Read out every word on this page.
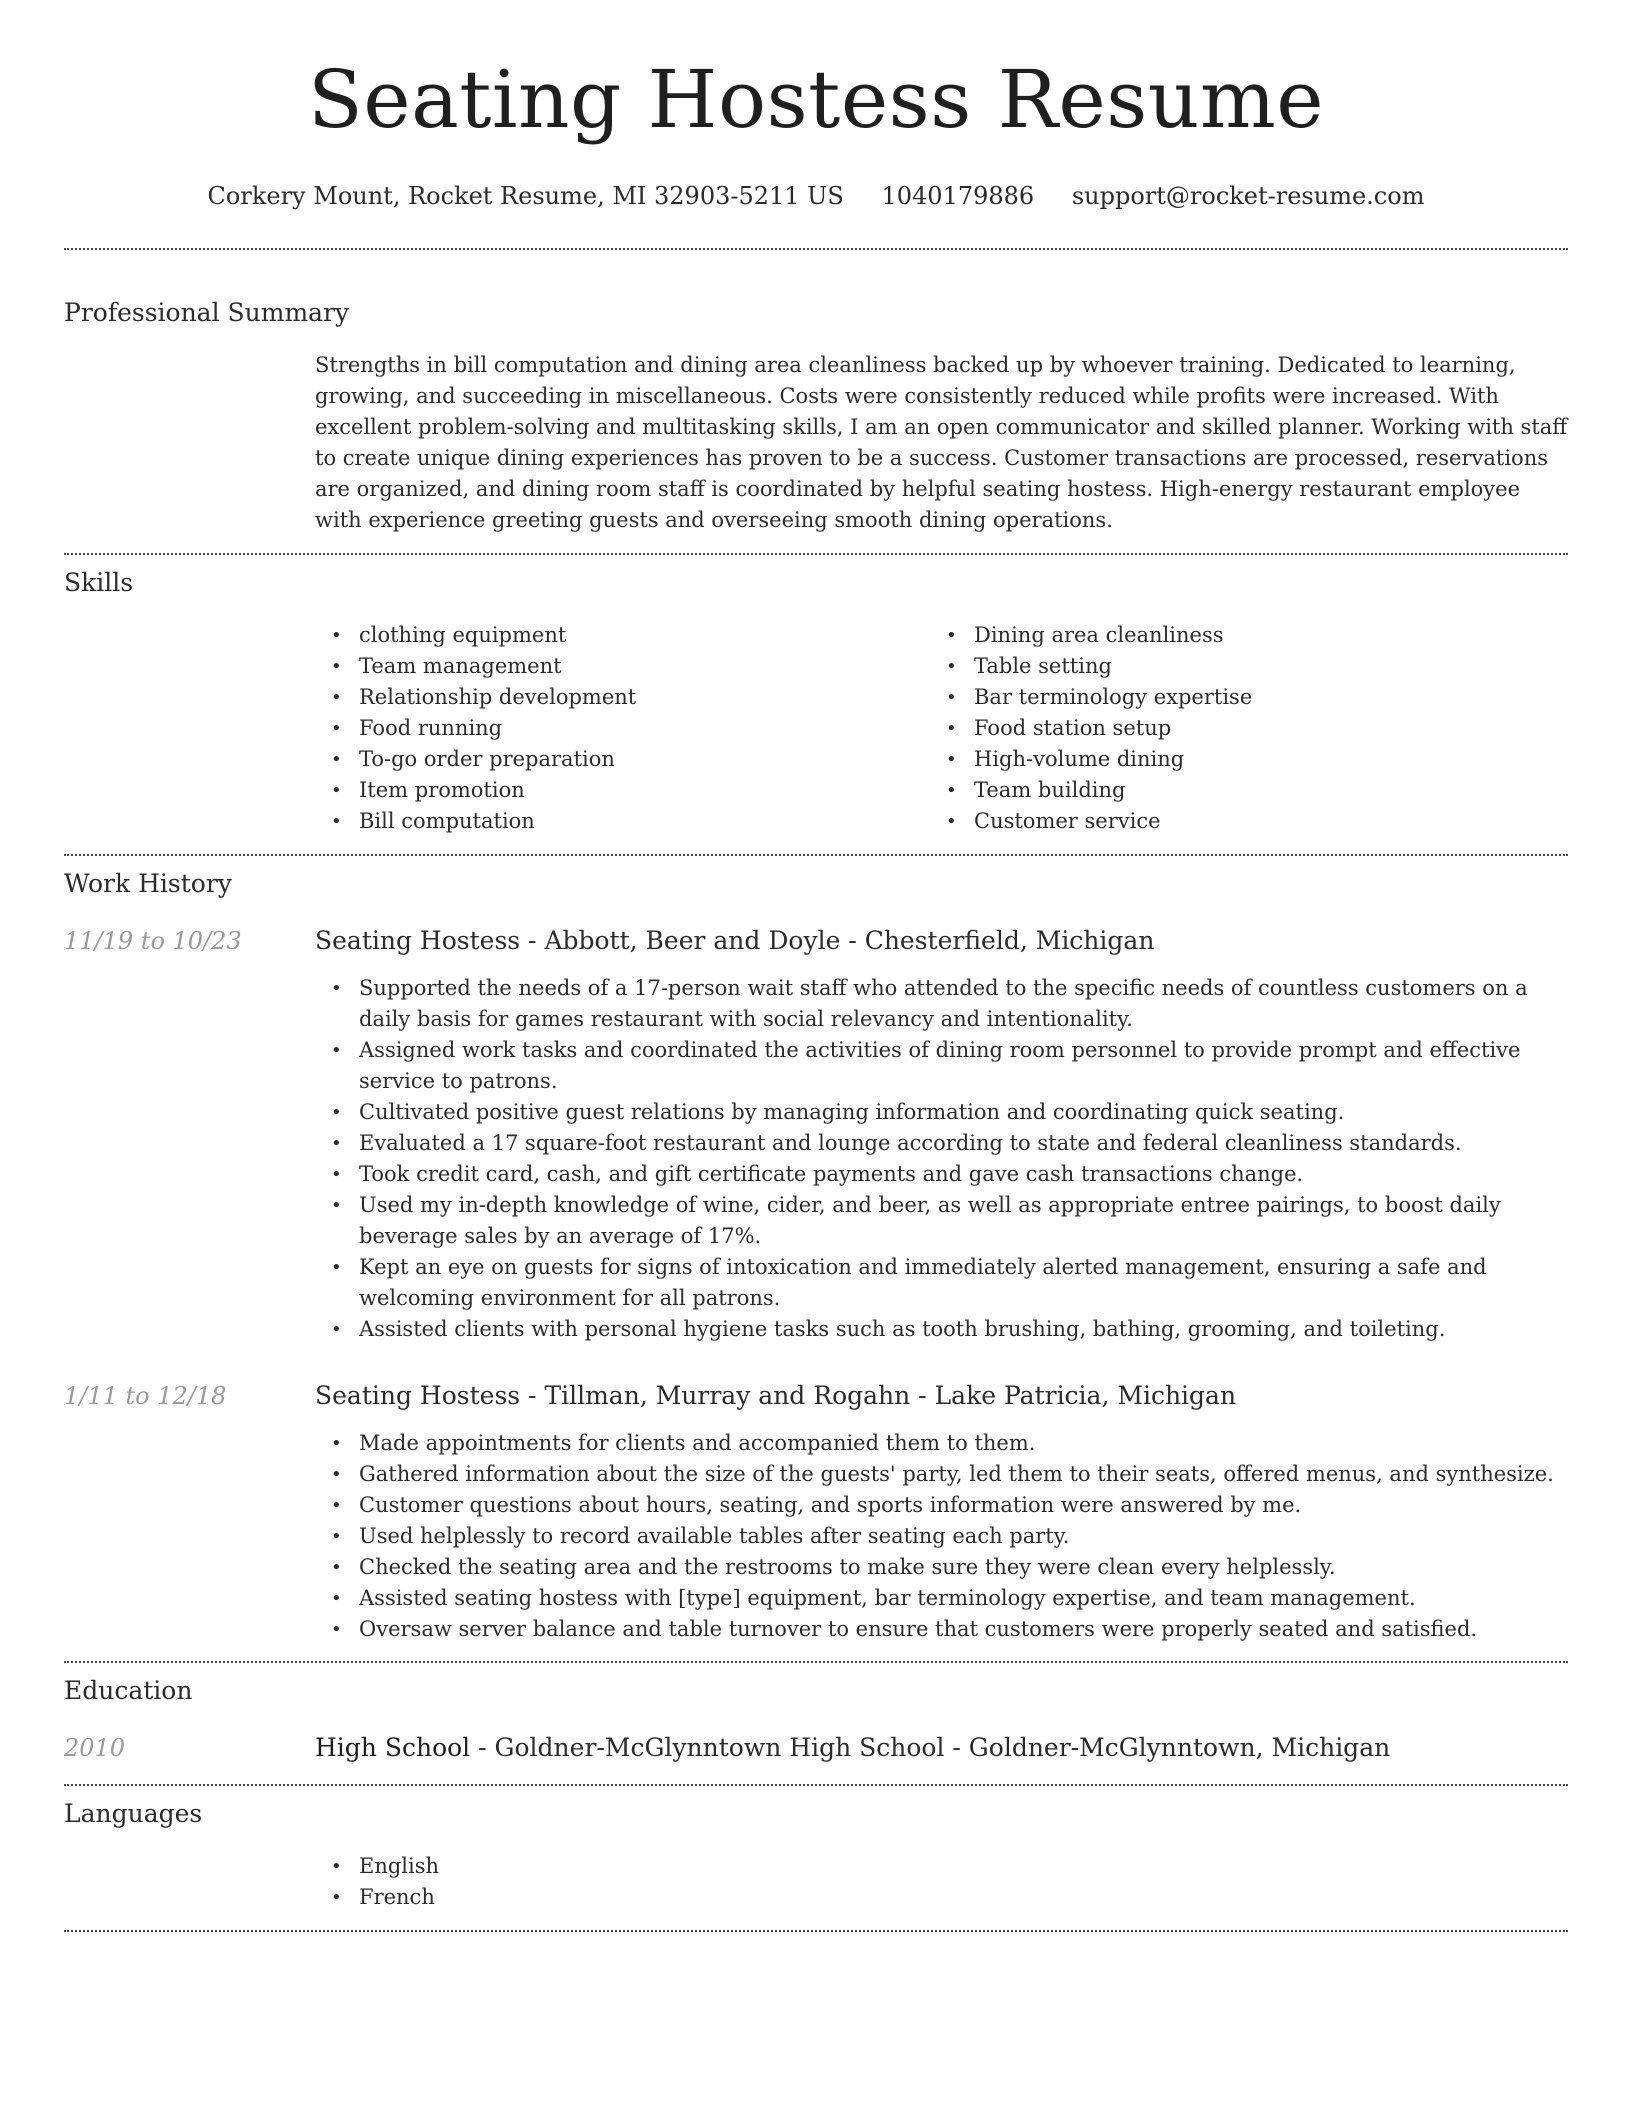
Seating Hostess Resume
Corkery Mount, Rocket Resume, MI 32903-5211 US 1040179886 support@rocket-resume.com
Professional Summary

Strengths in bill computation and dining area cleanliness backed up by whoever training. Dedicated to learning, growing, and succeeding in miscellaneous. Costs were consistently reduced while profits were increased. With excellent problem-solving and multitasking skills, I am an open communicator and skilled planner. Working with staff to create unique dining experiences has proven to be a success. Customer transactions are processed, reservations are organized, and dining room staff is coordinated by helpful seating hostess. High-energy restaurant employee with experience greeting guests and overseeing smooth dining operations.

Skills
• clothing equipment
• Team management
• Relationship development
• Food running
• To-go order preparation
• Item promotion
• Bill computation
• Dining area cleanliness
• Table setting
• Bar terminology expertise
• Food station setup
• High-volume dining
• Team building
• Customer service
Work History
11/19 to 10/23	Seating Hostess - Abbott, Beer and Doyle - Chesterfield, Michigan
• Supported the needs of a 17-person wait staff who attended to the specific needs of countless customers on a daily basis for games restaurant with social relevancy and intentionality.
• Assigned work tasks and coordinated the activities of dining room personnel to provide prompt and effective service to patrons.
• Cultivated positive guest relations by managing information and coordinating quick seating.
• Evaluated a 17 square-foot restaurant and lounge according to state and federal cleanliness standards.
• Took credit card, cash, and gift certificate payments and gave cash transactions change.
• Used my in-depth knowledge of wine, cider, and beer, as well as appropriate entree pairings, to boost daily beverage sales by an average of 17%.
• Kept an eye on guests for signs of intoxication and immediately alerted management, ensuring a safe and welcoming environment for all patrons.
• Assisted clients with personal hygiene tasks such as tooth brushing, bathing, grooming, and toileting.
1/11 to 12/18	Seating Hostess - Tillman, Murray and Rogahn - Lake Patricia, Michigan
• Made appointments for clients and accompanied them to them.
• Gathered information about the size of the guests' party, led them to their seats, offered menus, and synthesize.
• Customer questions about hours, seating, and sports information were answered by me.
• Used helplessly to record available tables after seating each party.
• Checked the seating area and the restrooms to make sure they were clean every helplessly.
• Assisted seating hostess with [type] equipment, bar terminology expertise, and team management.
• Oversaw server balance and table turnover to ensure that customers were properly seated and satisfied.
Education
2010	High School - Goldner-McGlynntown High School - Goldner-McGlynntown, Michigan
Languages
• English
• French
